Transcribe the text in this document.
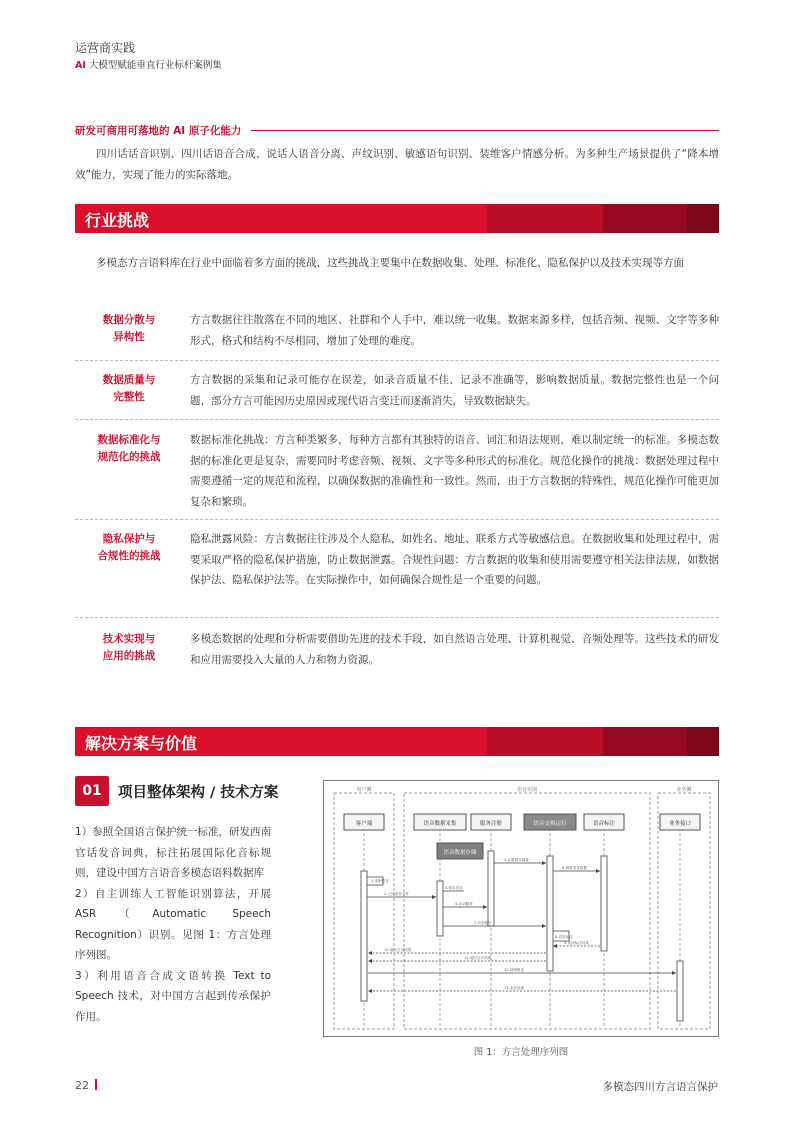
运营商实践
AI 大模型赋能垂直行业标杆案例集
研发可商用可落地的 AI 原子化能力
四川话话音识别、四川话语音合成、说话人语音分离、声纹识别、敏感语句识别、装维客户情感分析。为多种生产场景提供了“降本增效”能力，实现了能力的实际落地。
行业挑战
多模态方言语料库在行业中面临着多方面的挑战，这些挑战主要集中在数据收集、处理、标准化、隐私保护以及技术实现等方面
数据分散与
异构性
方言数据往往散落在不同的地区、社群和个人手中，难以统一收集。数据来源多样，包括音频、视频、文字等多种形式，格式和结构不尽相同，增加了处理的难度。
数据质量与
完整性
方言数据的采集和记录可能存在误差，如录音质量不佳、记录不准确等，影响数据质量。数据完整性也是一个问题，部分方言可能因历史原因或现代语言变迁而逐渐消失，导致数据缺失。
数据标准化与
规范化的挑战
数据标准化挑战：方言种类繁多，每种方言都有其独特的语音、词汇和语法规则，难以制定统一的标准。多模态数据的标准化更是复杂，需要同时考虑音频、视频、文字等多种形式的标准化。规范化操作的挑战：数据处理过程中需要遵循一定的规范和流程，以确保数据的准确性和一致性。然而，由于方言数据的特殊性，规范化操作可能更加复杂和繁琐。
隐私保护与
合规性的挑战
隐私泄露风险：方言数据往往涉及个人隐私，如姓名、地址、联系方式等敏感信息。在数据收集和处理过程中，需要采取严格的隐私保护措施，防止数据泄露。合规性问题：方言数据的收集和使用需要遵守相关法律法规，如数据保护法、隐私保护法等。在实际操作中，如何确保合规性是一个重要的问题。
技术实现与
应用的挑战
多模态数据的处理和分析需要借助先进的技术手段，如自然语言处理、计算机视觉、音频处理等。这些技术的研发和应用需要投入大量的人力和物力资源。
解决方案与价值
01	项目整体架构 / 技术方案

1）参照全国语言保护统一标准，研发西南官话发音词典，标注拓展国际化音标规则，建设中国方言语音多模态语料数据库

2）自主训练人工智能识别算法，开展 ASR（Automatic Speech Recognition）识别。见图 1：方言处理序列图。

3）利用语音合成文语转换 Text to Speech 技术，对中国方言起到传承保护作用。

用户侧	语音识别	业务侧
客户端	语音数据采集	服务注册	语音交换运行	语音标注	业务接口
语音数据存储
1.录制语音
2.上传语音文件
3.保存语音
4.启动服务
5.注册服务地址
6.调度语音数据
7.识别转写
8.语音标注
9.返回标注结果
10.返回文字结果
11.返回文字结果
12.回调推送
13.业务处理
图 1：方言处理序列图
22	多模态四川方言语言保护
